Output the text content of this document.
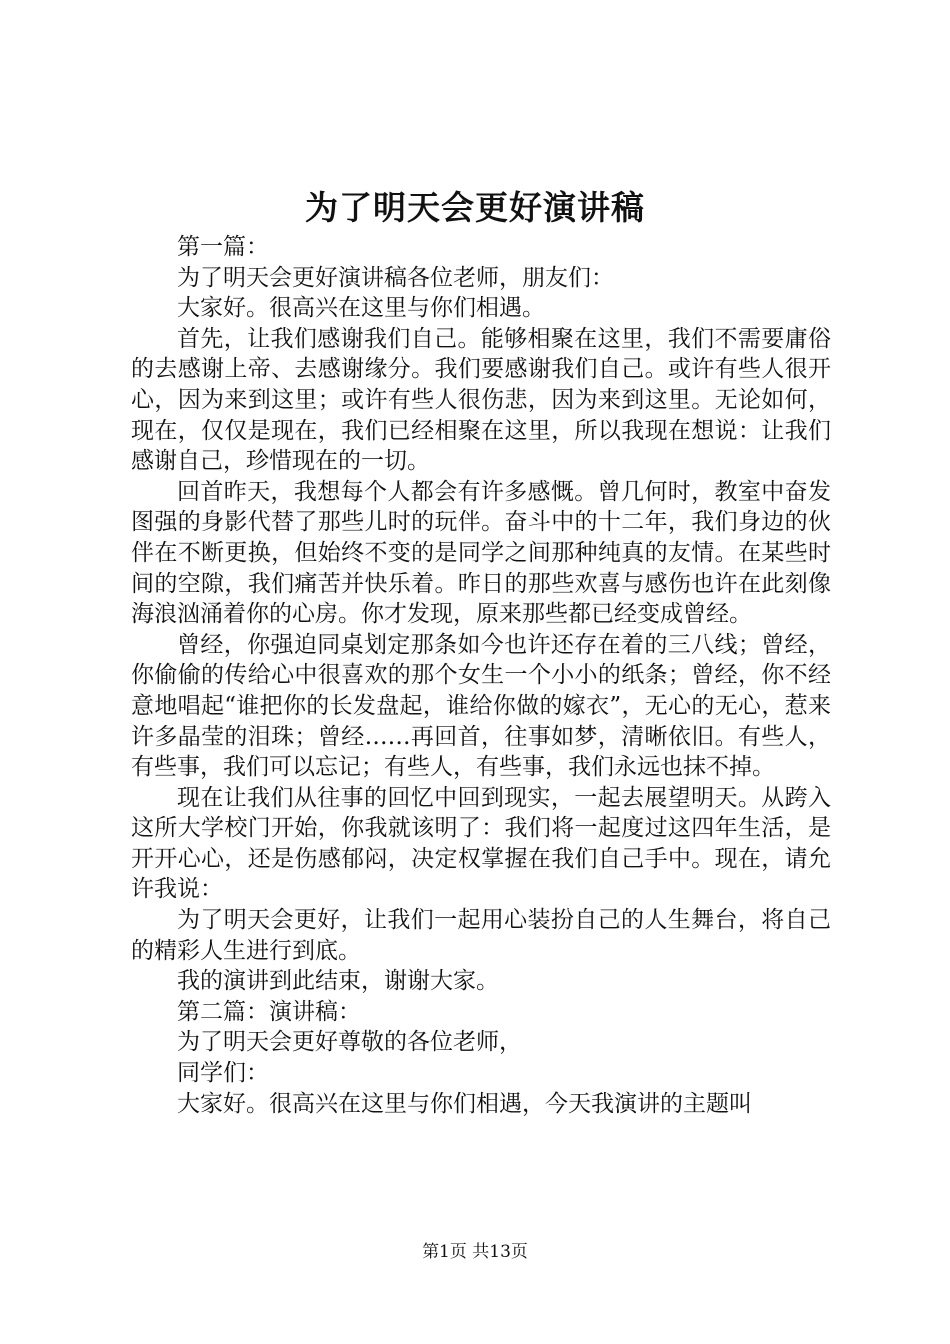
为了明天会更好演讲稿

第一篇：

为了明天会更好演讲稿各位老师，朋友们：

大家好。很高兴在这里与你们相遇。

首先，让我们感谢我们自己。能够相聚在这里，我们不需要庸俗的去感谢上帝、去感谢缘分。我们要感谢我们自己。或许有些人很开心，因为来到这里；或许有些人很伤悲，因为来到这里。无论如何，现在，仅仅是现在，我们已经相聚在这里，所以我现在想说：让我们感谢自己，珍惜现在的一切。

回首昨天，我想每个人都会有许多感慨。曾几何时，教室中奋发图强的身影代替了那些儿时的玩伴。奋斗中的十二年，我们身边的伙伴在不断更换，但始终不变的是同学之间那种纯真的友情。在某些时间的空隙，我们痛苦并快乐着。昨日的那些欢喜与感伤也许在此刻像海浪汹涌着你的心房。你才发现，原来那些都已经变成曾经。

曾经，你强迫同桌划定那条如今也许还存在着的三八线；曾经，你偷偷的传给心中很喜欢的那个女生一个小小的纸条；曾经，你不经意地唱起“谁把你的长发盘起，谁给你做的嫁衣”，无心的无心，惹来许多晶莹的泪珠；曾经……再回首，往事如梦，清晰依旧。有些人，有些事，我们可以忘记；有些人，有些事，我们永远也抹不掉。

现在让我们从往事的回忆中回到现实，一起去展望明天。从跨入这所大学校门开始，你我就该明了：我们将一起度过这四年生活，是开开心心，还是伤感郁闷，决定权掌握在我们自己手中。现在，请允许我说：

为了明天会更好，让我们一起用心装扮自己的人生舞台，将自己的精彩人生进行到底。

我的演讲到此结束，谢谢大家。

第二篇：演讲稿：

为了明天会更好尊敬的各位老师，

同学们：

大家好。很高兴在这里与你们相遇，今天我演讲的主题叫

第1页 共13页
